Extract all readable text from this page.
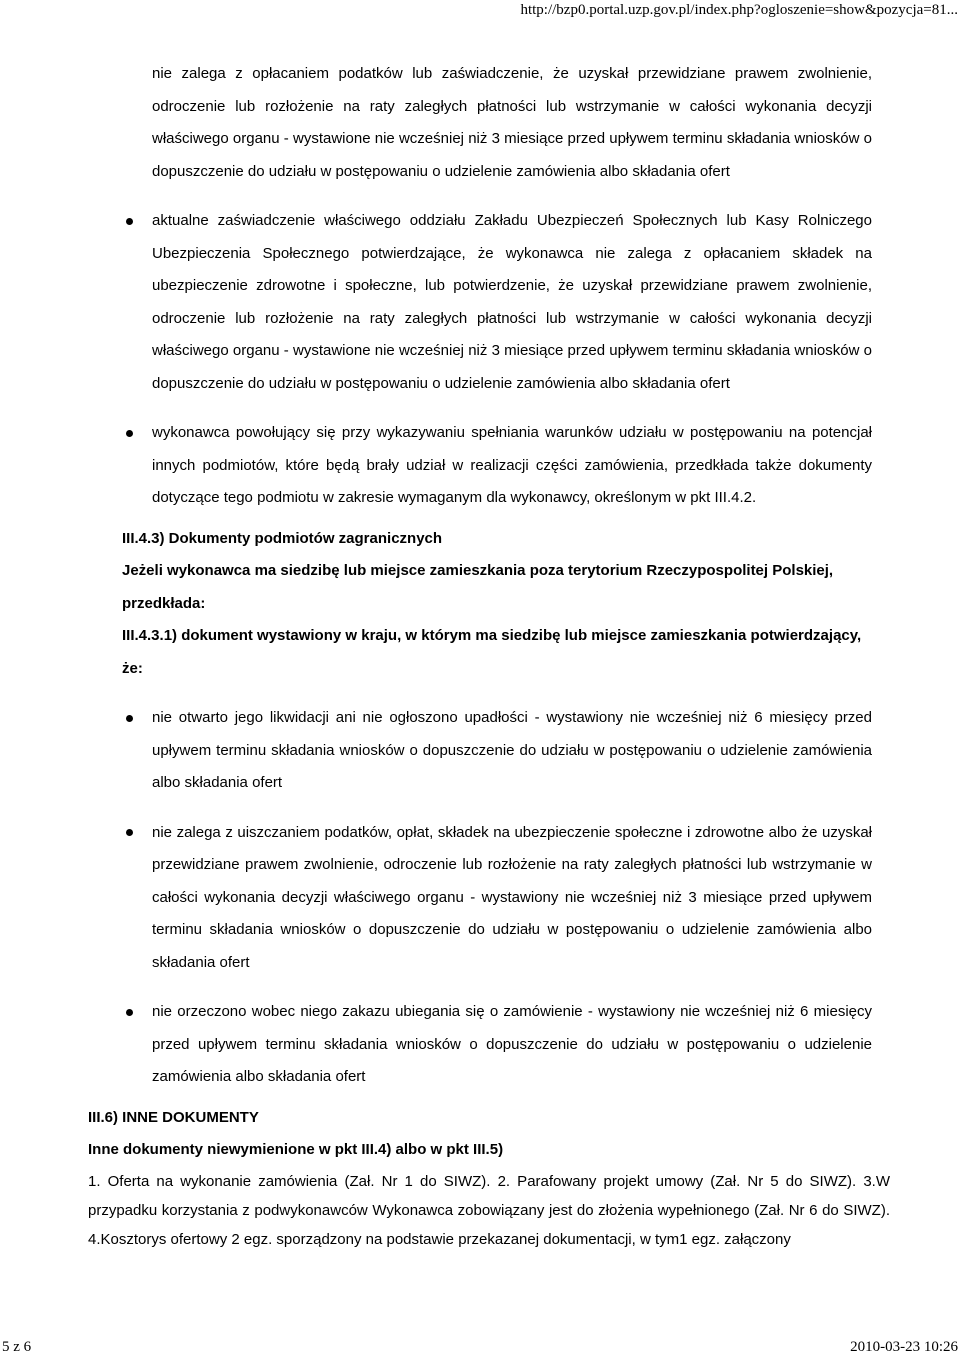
http://bzp0.portal.uzp.gov.pl/index.php?ogloszenie=show&pozycja=81...

nie zalega z opłacaniem podatków lub zaświadczenie, że uzyskał przewidziane prawem zwolnienie, odroczenie lub rozłożenie na raty zaległych płatności lub wstrzymanie w całości wykonania decyzji właściwego organu - wystawione nie wcześniej niż 3 miesiące przed upływem terminu składania wniosków o dopuszczenie do udziału w postępowaniu o udzielenie zamówienia albo składania ofert

aktualne zaświadczenie właściwego oddziału Zakładu Ubezpieczeń Społecznych lub Kasy Rolniczego Ubezpieczenia Społecznego potwierdzające, że wykonawca nie zalega z opłacaniem składek na ubezpieczenie zdrowotne i społeczne, lub potwierdzenie, że uzyskał przewidziane prawem zwolnienie, odroczenie lub rozłożenie na raty zaległych płatności lub wstrzymanie w całości wykonania decyzji właściwego organu - wystawione nie wcześniej niż 3 miesiące przed upływem terminu składania wniosków o dopuszczenie do udziału w postępowaniu o udzielenie zamówienia albo składania ofert

wykonawca powołujący się przy wykazywaniu spełniania warunków udziału w postępowaniu na potencjał innych podmiotów, które będą brały udział w realizacji części zamówienia, przedkłada także dokumenty dotyczące tego podmiotu w zakresie wymaganym dla wykonawcy, określonym w pkt III.4.2.

III.4.3) Dokumenty podmiotów zagranicznych

Jeżeli wykonawca ma siedzibę lub miejsce zamieszkania poza terytorium Rzeczypospolitej Polskiej, przedkłada:

III.4.3.1) dokument wystawiony w kraju, w którym ma siedzibę lub miejsce zamieszkania potwierdzający, że:

nie otwarto jego likwidacji ani nie ogłoszono upadłości - wystawiony nie wcześniej niż 6 miesięcy przed upływem terminu składania wniosków o dopuszczenie do udziału w postępowaniu o udzielenie zamówienia albo składania ofert

nie zalega z uiszczaniem podatków, opłat, składek na ubezpieczenie społeczne i zdrowotne albo że uzyskał przewidziane prawem zwolnienie, odroczenie lub rozłożenie na raty zaległych płatności lub wstrzymanie w całości wykonania decyzji właściwego organu - wystawiony nie wcześniej niż 3 miesiące przed upływem terminu składania wniosków o dopuszczenie do udziału w postępowaniu o udzielenie zamówienia albo składania ofert

nie orzeczono wobec niego zakazu ubiegania się o zamówienie - wystawiony nie wcześniej niż 6 miesięcy przed upływem terminu składania wniosków o dopuszczenie do udziału w postępowaniu o udzielenie zamówienia albo składania ofert

III.6) INNE DOKUMENTY

Inne dokumenty niewymienione w pkt III.4) albo w pkt III.5)

1. Oferta na wykonanie zamówienia (Zał. Nr 1 do SIWZ). 2. Parafowany projekt umowy (Zał. Nr 5 do SIWZ). 3.W przypadku korzystania z podwykonawców Wykonawca zobowiązany jest do złożenia wypełnionego (Zał. Nr 6 do SIWZ). 4.Kosztorys ofertowy 2 egz. sporządzony na podstawie przekazanej dokumentacji, w tym1 egz. załączony

5 z 6	2010-03-23 10:26
